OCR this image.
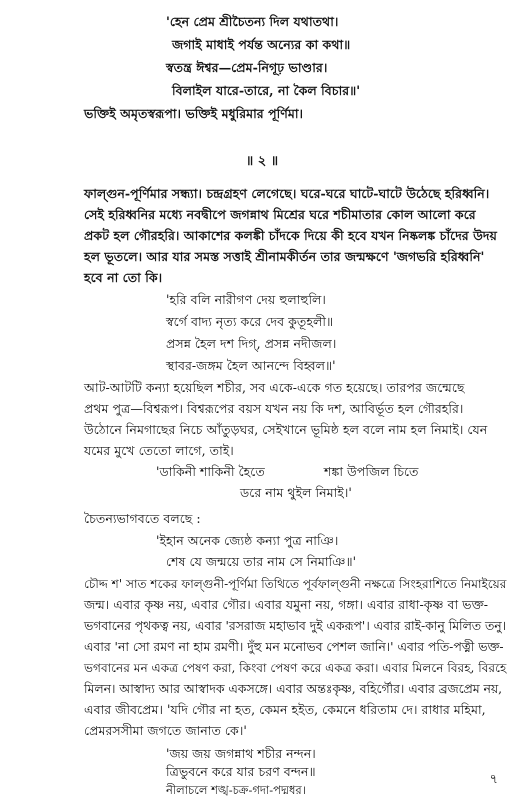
'হেন প্রেম শ্রীচৈতন্য দিল যথাতথা।
জগাই মাধাই পর্যন্ত অন্যের কা কথা॥
স্বতন্ত্র ঈশ্বর—প্রেম-নিগূঢ় ভাণ্ডার।
বিলাইল যারে-তারে, না কৈল বিচার॥'
ভক্তিই অমৃতস্বরূপা। ভক্তিই মধুরিমার পূর্ণিমা।
॥ ২ ॥
ফাল্গুন-পূর্ণিমার সন্ধ্যা। চন্দ্রগ্রহণ লেগেছে। ঘরে-ঘরে ঘাটে-ঘাটে উঠেছে হরিধ্বনি।
সেই হরিধ্বনির মধ্যে নবদ্বীপে জগন্নাথ মিশ্রের ঘরে শচীমাতার কোল আলো করে
প্রকট হল গৌরহরি। আকাশের কলঙ্কী চাঁদকে দিয়ে কী হবে যখন নিষ্কলঙ্ক চাঁদের উদয়
হল ভূতলে। আর যার সমস্ত সত্তাই শ্রীনামকীর্তন তার জন্মক্ষণে 'জগভরি হরিধ্বনি'
হবে না তো কি।
'হরি বলি নারীগণ দেয় হুলাহুলি।
স্বর্গে বাদ্য নৃত্য করে দেব কুতূহলী॥
প্রসন্ন হৈল দশ দিগ্‌, প্রসন্ন নদীজল।
স্থাবর-জঙ্গম হৈল আনন্দে বিহ্বল॥'
আট-আটটি কন্যা হয়েছিল শচীর, সব একে-একে গত হয়েছে। তারপর জন্মেছে
প্রথম পুত্র—বিশ্বরূপ। বিশ্বরূপের বয়স যখন নয় কি দশ, আবির্ভূত হল গৌরহরি।
উঠোনে নিমগাছের নিচে আঁতুড়ঘর, সেইখানে ভূমিষ্ঠ হল বলে নাম হল নিমাই। যেন
যমের মুখে তেতো লাগে, তাই।
'ডাকিনী শাকিনী হৈতে	শঙ্কা উপজিল চিতে
ডরে নাম থুইল নিমাই।'
চৈতন্যভাগবতে বলছে :
'ইহান অনেক জ্যেষ্ঠ কন্যা পুত্র নাঞি।
শেষ যে জন্ময়ে তার নাম সে নিমাঞি॥'
চৌদ্দ শ' সাত শকের ফাল্গুনী-পূর্ণিমা তিথিতে পূর্বফাল্গুনী নক্ষত্রে সিংহরাশিতে নিমাইয়ের
জন্ম। এবার কৃষ্ণ নয়, এবার গৌর। এবার যমুনা নয়, গঙ্গা। এবার রাধা-কৃষ্ণ বা ভক্ত-
ভগবানের পৃথকত্ব নয়, এবার 'রসরাজ মহাভাব দুই একরূপ'। এবার রাই-কানু মিলিত তনু।
এবার 'না সো রমণ না হাম রমণী। দুঁহু মন মনোভব পেশল জানি।' এবার পতি-পত্নী ভক্ত-
ভগবানের মন একত্র পেষণ করা, কিংবা পেষণ করে একত্র করা। এবার মিলনে বিরহ, বিরহে
মিলন। আস্বাদ্য আর আস্বাদক একসঙ্গে। এবার অন্তঃকৃষ্ণ, বহির্গৌর। এবার ব্রজপ্রেম নয়,
এবার জীবপ্রেম। 'যদি গৌর না হত, কেমন হইত, কেমনে ধরিতাম দে। রাধার মহিমা,
প্রেমরসসীমা জগতে জানাত কে।'
'জয় জয় জগন্নাথ শচীর নন্দন।
ত্রিভুবনে করে যার চরণ বন্দন॥
নীলাচলে শঙ্খ-চক্র-গদা-পদ্মধর।
৭
